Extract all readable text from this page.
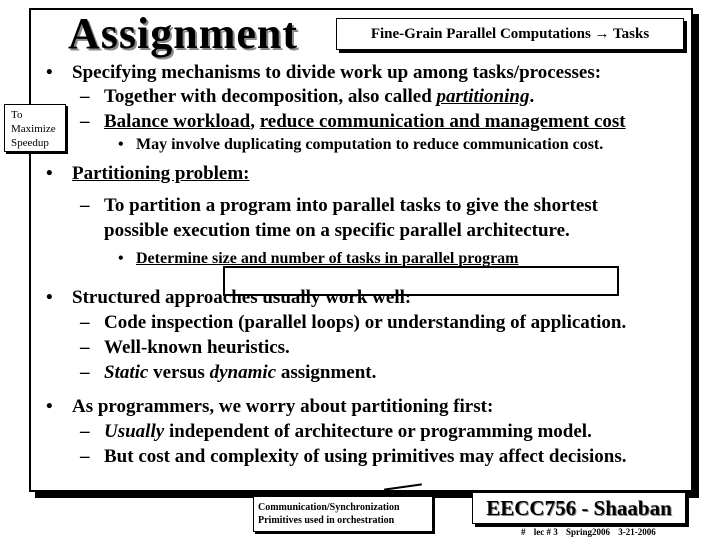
Assignment	Fine-Grain Parallel Computations → Tasks
To
Maximize
Speedup
• Specifying mechanisms to divide work up among tasks/processes:
– Together with decomposition, also called partitioning.
– Balance workload, reduce communication and management cost
• May involve duplicating computation to reduce communication cost.
• Partitioning problem:
– To partition a program into parallel tasks to give the shortest
possible execution time on a specific parallel architecture.
• Determine size and number of tasks in parallel program
• Structured approaches usually work well:
– Code inspection (parallel loops) or understanding of application.
– Well-known heuristics.
– Static versus dynamic assignment.
• As programmers, we worry about partitioning first:
– Usually independent of architecture or programming model.
– But cost and complexity of using primitives may affect decisions.
Communication/Synchronization
Primitives used in orchestration
EECC756 - Shaaban
# lec # 3 Spring2006 3-21-2006
